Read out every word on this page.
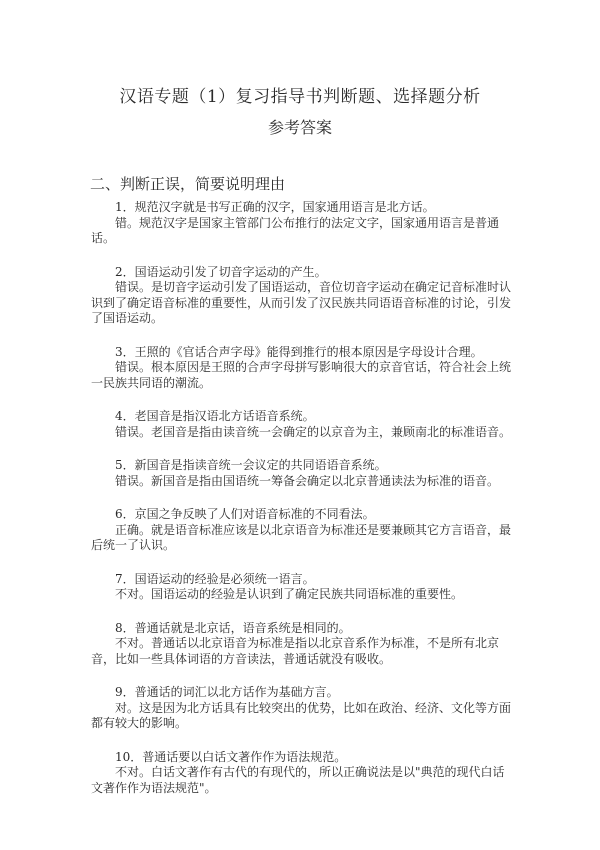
汉语专题（1）复习指导书判断题、选择题分析
参考答案
二、判断正误，简要说明理由

1．规范汉字就是书写正确的汉字，国家通用语言是北方话。

错。规范汉字是国家主管部门公布推行的法定文字，国家通用语言是普通话。

2．国语运动引发了切音字运动的产生。

错误。是切音字运动引发了国语运动，音位切音字运动在确定记音标准时认识到了确定语音标准的重要性，从而引发了汉民族共同语语音标准的讨论，引发了国语运动。

3．王照的《官话合声字母》能得到推行的根本原因是字母设计合理。

错误。根本原因是王照的合声字母拼写影响很大的京音官话，符合社会上统一民族共同语的潮流。

4．老国音是指汉语北方话语音系统。

错误。老国音是指由读音统一会确定的以京音为主，兼顾南北的标准语音。

5．新国音是指读音统一会议定的共同语语音系统。

错误。新国音是指由国语统一筹备会确定以北京普通读法为标准的语音。

6．京国之争反映了人们对语音标准的不同看法。

正确。就是语音标准应该是以北京语音为标准还是要兼顾其它方言语音，最后统一了认识。

7．国语运动的经验是必须统一语言。

不对。国语运动的经验是认识到了确定民族共同语标准的重要性。

8．普通话就是北京话，语音系统是相同的。

不对。普通话以北京语音为标准是指以北京音系作为标准，不是所有北京音，比如一些具体词语的方音读法，普通话就没有吸收。

9．普通话的词汇以北方话作为基础方言。

对。这是因为北方话具有比较突出的优势，比如在政治、经济、文化等方面都有较大的影响。

10．普通话要以白话文著作作为语法规范。

不对。白话文著作有古代的有现代的，所以正确说法是以"典范的现代白话文著作作为语法规范"。
